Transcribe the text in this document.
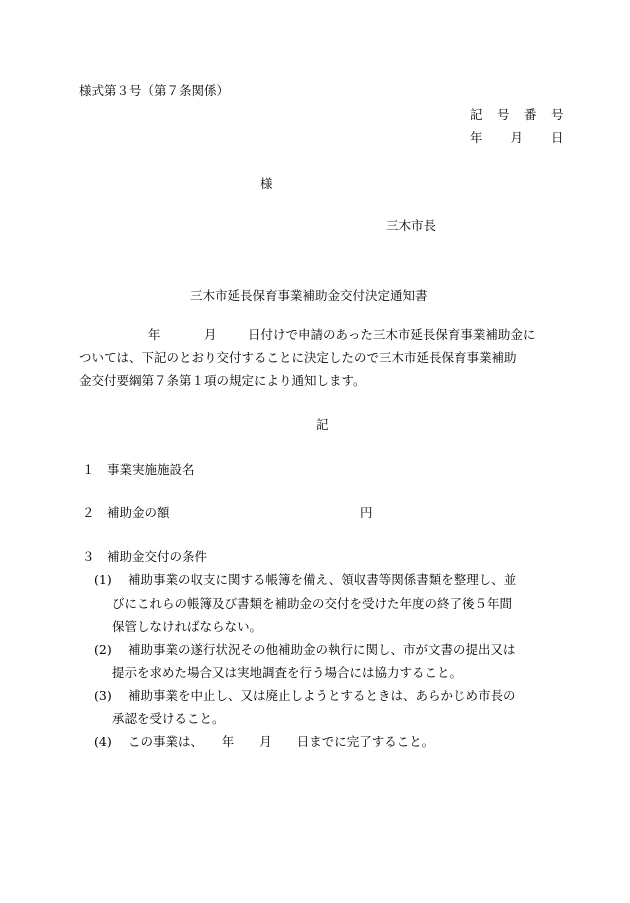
様式第３号（第７条関係）
記　号　番　号
年　　月　　日
様
三木市長
三木市延長保育事業補助金交付決定通知書
年	月	日付けで申請のあった三木市延長保育事業補助金に
ついては、下記のとおり交付することに決定したので三木市延長保育事業補助
金交付要綱第７条第１項の規定により通知します。
記
１ 事業実施施設名
２ 補助金の額	円
３ 補助金交付の条件
(1) 補助事業の収支に関する帳簿を備え、領収書等関係書類を整理し、並
びにこれらの帳簿及び書類を補助金の交付を受けた年度の終了後５年間
保管しなければならない。
(2) 補助事業の遂行状況その他補助金の執行に関し、市が文書の提出又は
提示を求めた場合又は実地調査を行う場合には協力すること。
(3) 補助事業を中止し、又は廃止しようとするときは、あらかじめ市長の
承認を受けること。
(4) この事業は、　　年　　月　　日までに完了すること。
